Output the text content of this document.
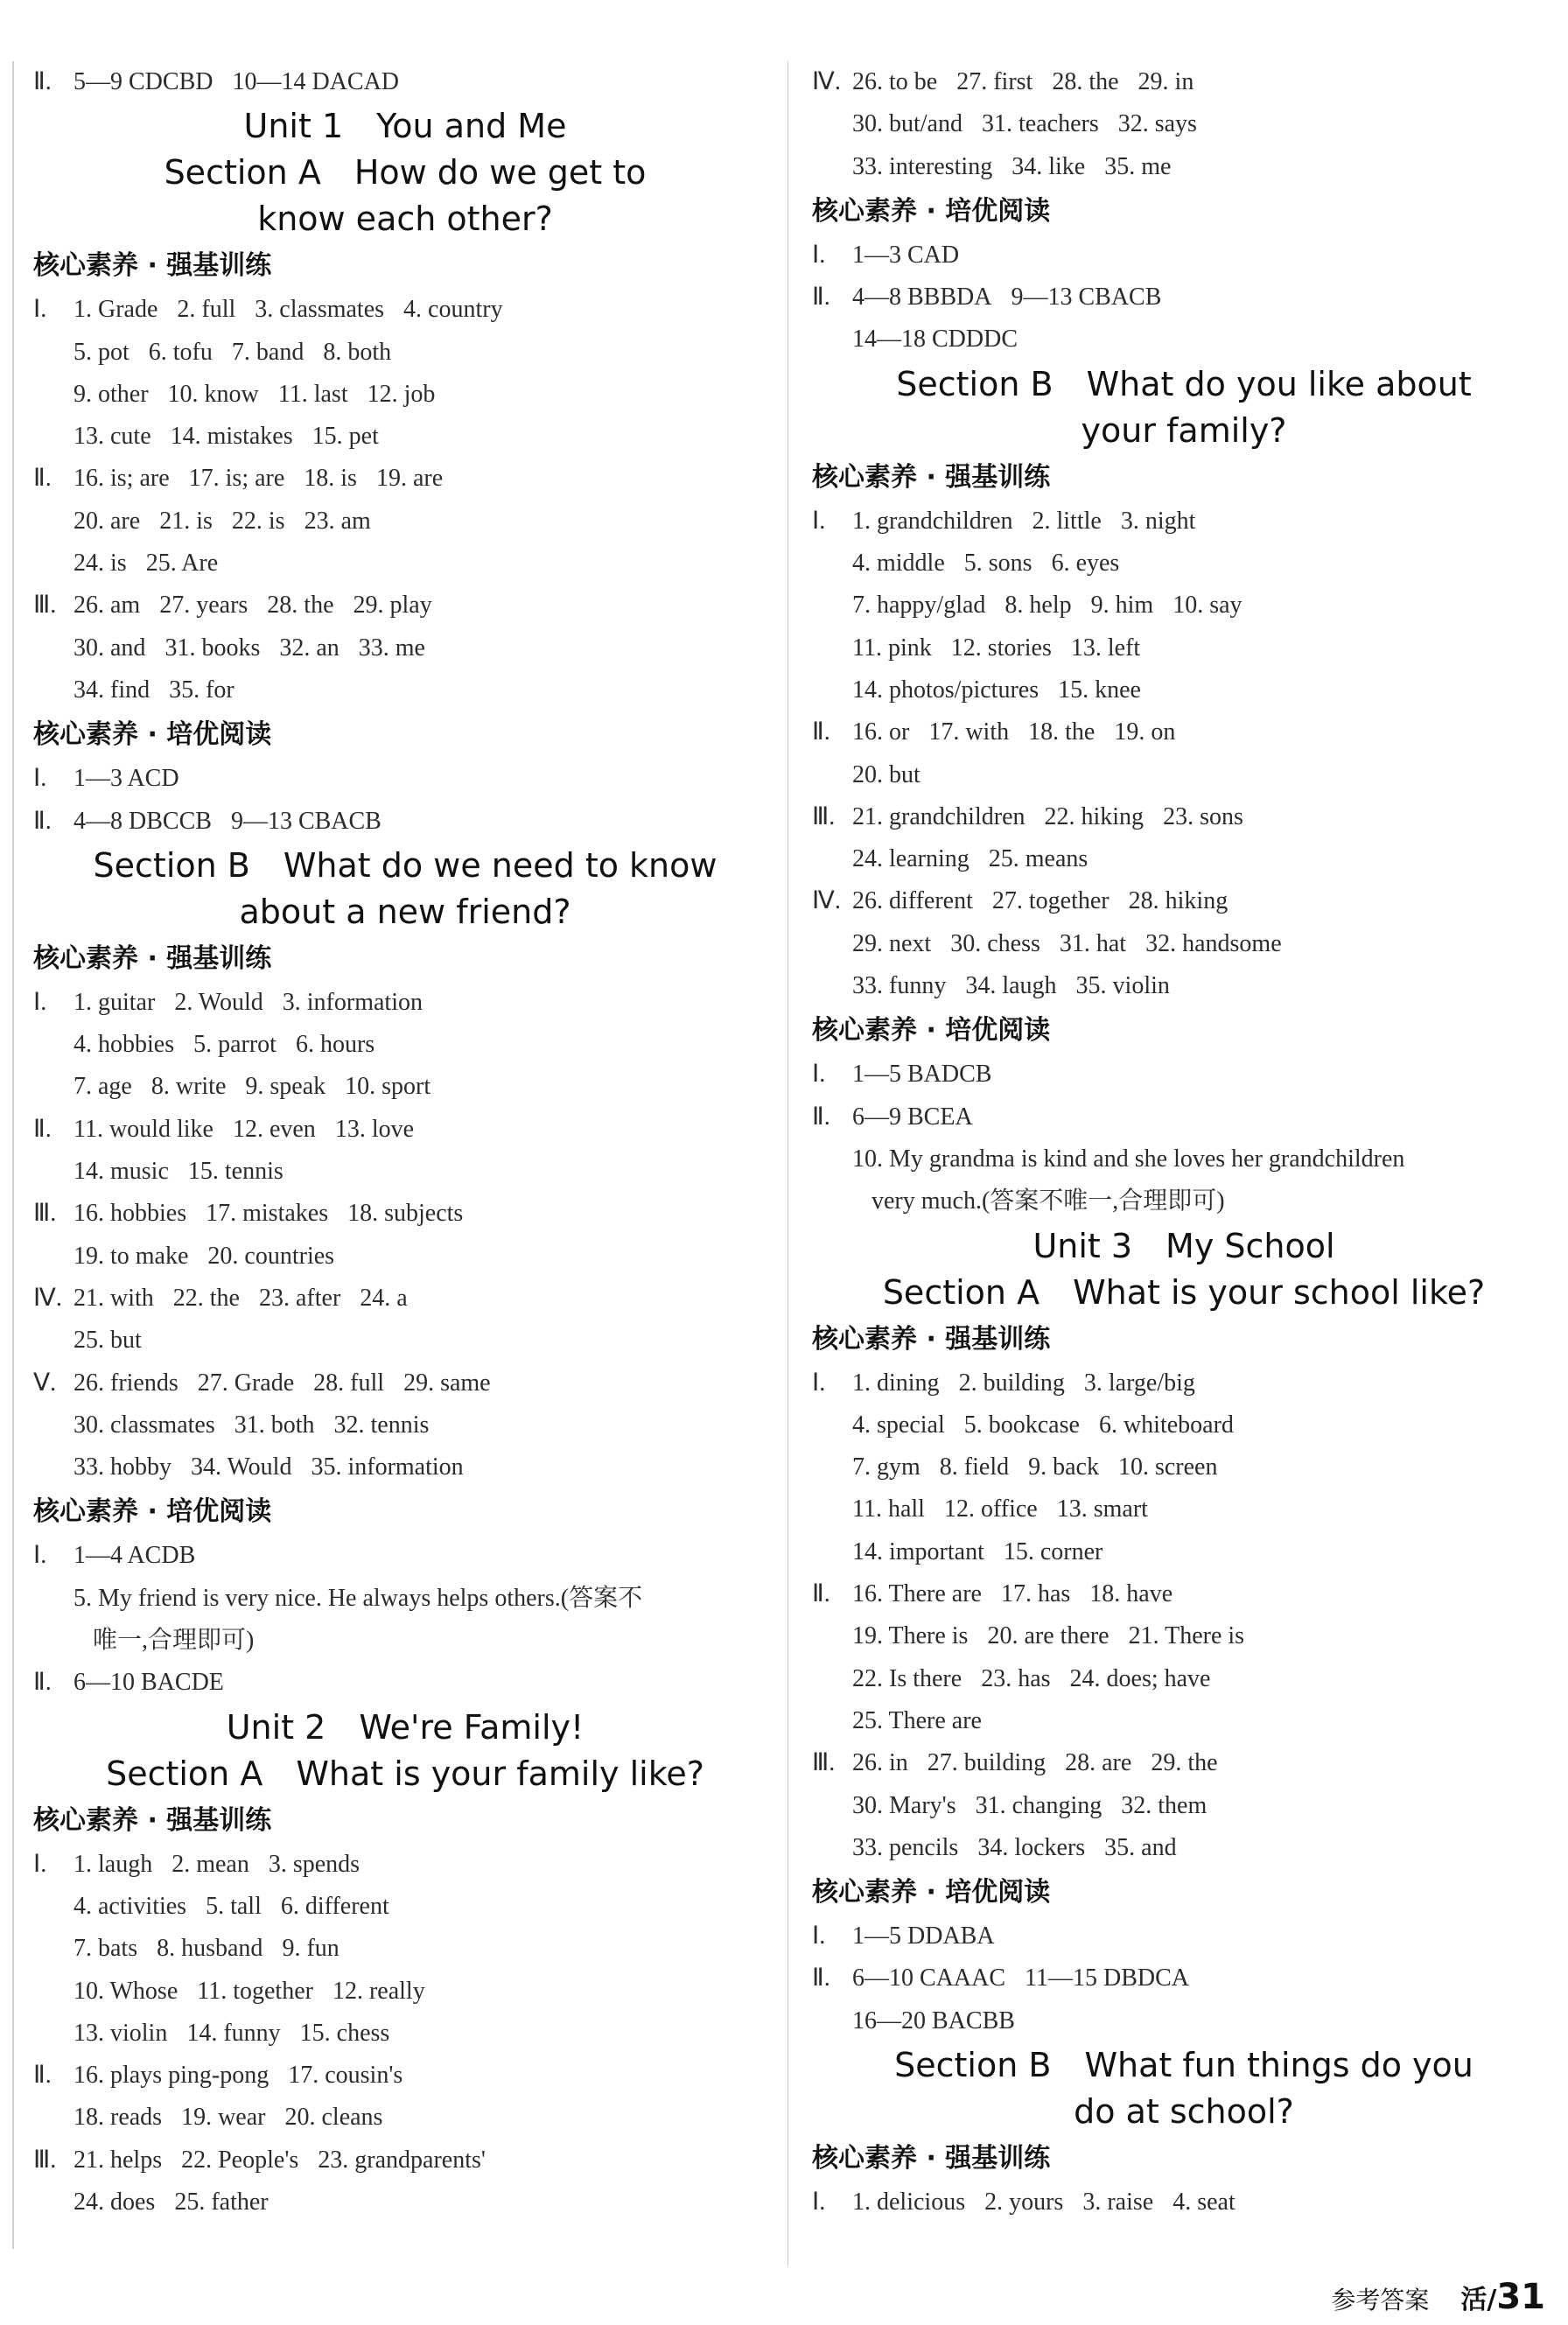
Ⅱ. 5—9 CDCBD 10—14 DACAD
Unit 1　You and Me
Section A　How do we get to
know each other?
核心素养 · 强基训练
Ⅰ. 1. Grade 2. full 3. classmates 4. country
5. pot 6. tofu 7. band 8. both
9. other 10. know 11. last 12. job
13. cute 14. mistakes 15. pet
Ⅱ. 16. is; are 17. is; are 18. is 19. are
20. are 21. is 22. is 23. am
24. is 25. Are
Ⅲ. 26. am 27. years 28. the 29. play
30. and 31. books 32. an 33. me
34. find 35. for
核心素养 · 培优阅读
Ⅰ. 1—3 ACD
Ⅱ. 4—8 DBCCB 9—13 CBACB
Section B　What do we need to know
about a new friend?
核心素养 · 强基训练
Ⅰ. 1. guitar 2. Would 3. information
4. hobbies 5. parrot 6. hours
7. age 8. write 9. speak 10. sport
Ⅱ. 11. would like 12. even 13. love
14. music 15. tennis
Ⅲ. 16. hobbies 17. mistakes 18. subjects
19. to make 20. countries
Ⅳ. 21. with 22. the 23. after 24. a
25. but
Ⅴ. 26. friends 27. Grade 28. full 29. same
30. classmates 31. both 32. tennis
33. hobby 34. Would 35. information
核心素养 · 培优阅读
Ⅰ. 1—4 ACDB
5. My friend is very nice. He always helps others.(答案不
唯一,合理即可)
Ⅱ. 6—10 BACDE
Unit 2　We're Family!
Section A　What is your family like?
核心素养 · 强基训练
Ⅰ. 1. laugh 2. mean 3. spends
4. activities 5. tall 6. different
7. bats 8. husband 9. fun
10. Whose 11. together 12. really
13. violin 14. funny 15. chess
Ⅱ. 16. plays ping-pong 17. cousin's
18. reads 19. wear 20. cleans
Ⅲ. 21. helps 22. People's 23. grandparents'
24. does 25. father
Ⅳ. 26. to be 27. first 28. the 29. in
30. but/and 31. teachers 32. says
33. interesting 34. like 35. me
核心素养 · 培优阅读
Ⅰ. 1—3 CAD
Ⅱ. 4—8 BBBDA 9—13 CBACB
14—18 CDDDC
Section B　What do you like about
your family?
核心素养 · 强基训练
Ⅰ. 1. grandchildren 2. little 3. night
4. middle 5. sons 6. eyes
7. happy/glad 8. help 9. him 10. say
11. pink 12. stories 13. left
14. photos/pictures 15. knee
Ⅱ. 16. or 17. with 18. the 19. on
20. but
Ⅲ. 21. grandchildren 22. hiking 23. sons
24. learning 25. means
Ⅳ. 26. different 27. together 28. hiking
29. next 30. chess 31. hat 32. handsome
33. funny 34. laugh 35. violin
核心素养 · 培优阅读
Ⅰ. 1—5 BADCB
Ⅱ. 6—9 BCEA
10. My grandma is kind and she loves her grandchildren
very much.(答案不唯一,合理即可)
Unit 3　My School
Section A　What is your school like?
核心素养 · 强基训练
Ⅰ. 1. dining 2. building 3. large/big
4. special 5. bookcase 6. whiteboard
7. gym 8. field 9. back 10. screen
11. hall 12. office 13. smart
14. important 15. corner
Ⅱ. 16. There are 17. has 18. have
19. There is 20. are there 21. There is
22. Is there 23. has 24. does; have
25. There are
Ⅲ. 26. in 27. building 28. are 29. the
30. Mary's 31. changing 32. them
33. pencils 34. lockers 35. and
核心素养 · 培优阅读
Ⅰ. 1—5 DDABA
Ⅱ. 6—10 CAAAC 11—15 DBDCA
16—20 BACBB
Section B　What fun things do you
do at school?
核心素养 · 强基训练
Ⅰ. 1. delicious 2. yours 3. raise 4. seat
参考答案 活/31
